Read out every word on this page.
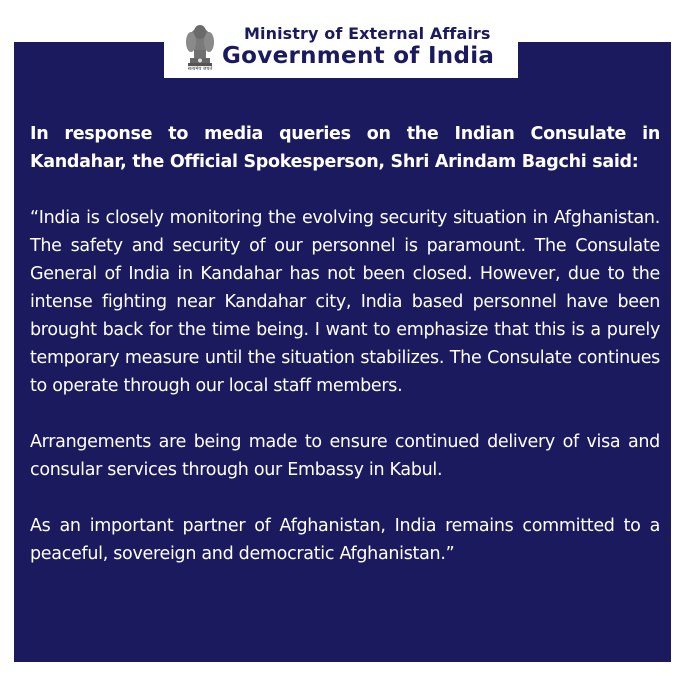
सत्यमेव जयते
Ministry of External Affairs
Government of India

In response to media queries on the Indian Consulate in Kandahar, the Official Spokesperson, Shri Arindam Bagchi said:

“India is closely monitoring the evolving security situation in Afghanistan. The safety and security of our personnel is paramount. The Consulate General of India in Kandahar has not been closed. However, due to the intense fighting near Kandahar city, India based personnel have been brought back for the time being. I want to emphasize that this is a purely temporary measure until the situation stabilizes. The Consulate continues to operate through our local staff members.

Arrangements are being made to ensure continued delivery of visa and consular services through our Embassy in Kabul.

As an important partner of Afghanistan, India remains committed to a peaceful, sovereign and democratic Afghanistan.”
